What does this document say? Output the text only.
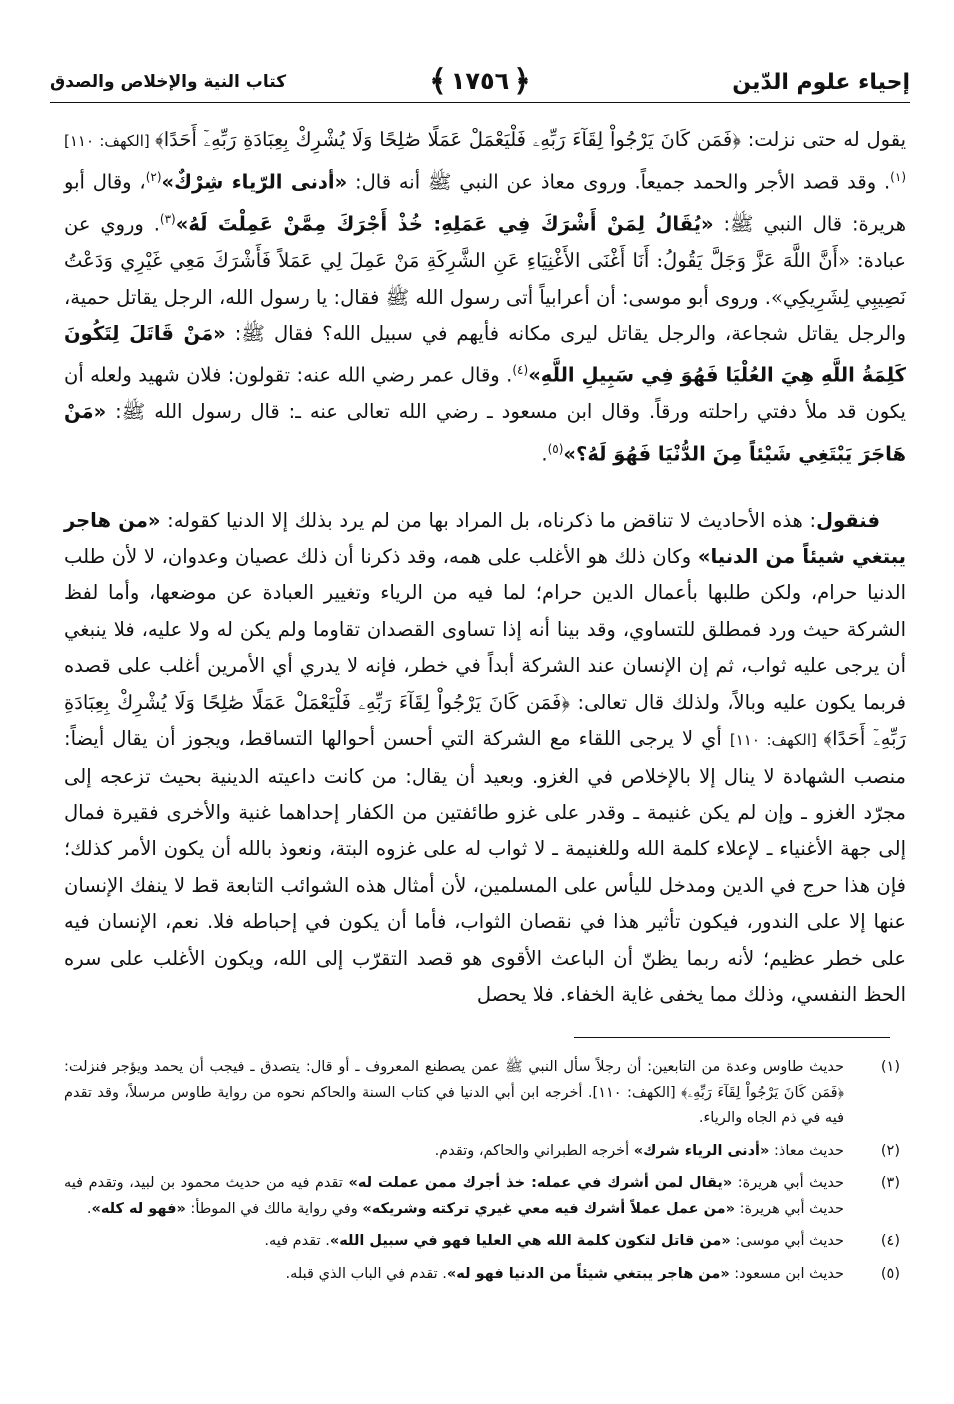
إحياء علوم الدّين
﴿١٧٥٦﴾
كتاب النية والإخلاص والصدق

يقول له حتى نزلت: ﴿فَمَن كَانَ يَرْجُواْ لِقَآءَ رَبِّهِۦ فَلْيَعْمَلْ عَمَلًا صَٰلِحًا وَلَا يُشْرِكْ بِعِبَادَةِ رَبِّهِۦٓ أَحَدًا﴾ [الكهف: ١١٠]$^{(١)}$. وقد قصد الأجر والحمد جميعاً. وروى معاذ عن النبي ﷺ أنه قال: «أدنى الرّياء شِرْكٌ»$^{(٢)}$، وقال أبو هريرة: قال النبي ﷺ: «يُقَالُ لِمَنْ أَشْرَكَ فِي عَمَلِهِ: خُذْ أَجْرَكَ مِمَّنْ عَمِلْتَ لَهُ»$^{(٣)}$. وروي عن عبادة: «أَنَّ اللَّهَ عَزَّ وَجَلَّ يَقُولُ: أَنَا أَغْنَى الأَغْنِيَاءِ عَنِ الشَّرِكَةِ مَنْ عَمِلَ لِي عَمَلاً فَأَشْرَكَ مَعِي غَيْرِي وَدَعْتُ نَصِيبِي لِشَرِيكِي». وروى أبو موسى: أن أعرابياً أتى رسول الله ﷺ فقال: يا رسول الله، الرجل يقاتل حمية، والرجل يقاتل شجاعة، والرجل يقاتل ليرى مكانه فأيهم في سبيل الله؟ فقال ﷺ: «مَنْ قَاتَلَ لِتَكُونَ كَلِمَةُ اللَّهِ هِيَ العُلْيَا فَهُوَ فِي سَبِيلِ اللَّهِ»$^{(٤)}$. وقال عمر رضي الله عنه: تقولون: فلان شهيد ولعله أن يكون قد ملأ دفتي راحلته ورقاً. وقال ابن مسعود ـ رضي الله تعالى عنه ـ: قال رسول الله ﷺ: «مَنْ هَاجَرَ يَبْتَغِي شَيْئاً مِنَ الدُّنْيَا فَهُوَ لَهُ؟»$^{(٥)}$.

فنقول: هذه الأحاديث لا تناقض ما ذكرناه، بل المراد بها من لم يرد بذلك إلا الدنيا كقوله: «من هاجر يبتغي شيئاً من الدنيا» وكان ذلك هو الأغلب على همه، وقد ذكرنا أن ذلك عصيان وعدوان، لا لأن طلب الدنيا حرام، ولكن طلبها بأعمال الدين حرام؛ لما فيه من الرياء وتغيير العبادة عن موضعها، وأما لفظ الشركة حيث ورد فمطلق للتساوي، وقد بينا أنه إذا تساوى القصدان تقاوما ولم يكن له ولا عليه، فلا ينبغي أن يرجى عليه ثواب، ثم إن الإنسان عند الشركة أبداً في خطر، فإنه لا يدري أي الأمرين أغلب على قصده فربما يكون عليه وبالاً، ولذلك قال تعالى: ﴿فَمَن كَانَ يَرْجُواْ لِقَآءَ رَبِّهِۦ فَلْيَعْمَلْ عَمَلًا صَٰلِحًا وَلَا يُشْرِكْ بِعِبَادَةِ رَبِّهِۦٓ أَحَدًا﴾ [الكهف: ١١٠] أي لا يرجى اللقاء مع الشركة التي أحسن أحوالها التساقط، ويجوز أن يقال أيضاً: منصب الشهادة لا ينال إلا بالإخلاص في الغزو. وبعيد أن يقال: من كانت داعيته الدينية بحيث تزعجه إلى مجرّد الغزو ـ وإن لم يكن غنيمة ـ وقدر على غزو طائفتين من الكفار إحداهما غنية والأخرى فقيرة فمال إلى جهة الأغنياء ـ لإعلاء كلمة الله وللغنيمة ـ لا ثواب له على غزوه البتة، ونعوذ بالله أن يكون الأمر كذلك؛ فإن هذا حرج في الدين ومدخل لليأس على المسلمين، لأن أمثال هذه الشوائب التابعة قط لا ينفك الإنسان عنها إلا على الندور، فيكون تأثير هذا في نقصان الثواب، فأما أن يكون في إحباطه فلا. نعم، الإنسان فيه على خطر عظيم؛ لأنه ربما يظنّ أن الباعث الأقوى هو قصد التقرّب إلى الله، ويكون الأغلب على سره الحظ النفسي، وذلك مما يخفى غاية الخفاء. فلا يحصل

(١)
حديث طاوس وعدة من التابعين: أن رجلاً سأل النبي ﷺ عمن يصطنع المعروف ـ أو قال: يتصدق ـ فيجب أن يحمد ويؤجر فنزلت: ﴿فَمَن كَانَ يَرْجُواْ لِقَآءَ رَبِّهِۦ﴾ [الكهف: ١١٠]. أخرجه ابن أبي الدنيا في كتاب السنة والحاكم نحوه من رواية طاوس مرسلاً، وقد تقدم فيه في ذم الجاه والرياء.
(٢)
حديث معاذ: «أدنى الرياء شرك» أخرجه الطبراني والحاكم، وتقدم.
(٣)
حديث أبي هريرة: «يقال لمن أشرك في عمله: خذ أجرك ممن عملت له» تقدم فيه من حديث محمود بن لبيد، وتقدم فيه حديث أبي هريرة: «من عمل عملاً أشرك فيه معي غيري تركته وشريكه» وفي رواية مالك في الموطأ: «فهو له كله».
(٤)
حديث أبي موسى: «من قاتل لتكون كلمة الله هي العليا فهو في سبيل الله». تقدم فيه.
(٥)
حديث ابن مسعود: «من هاجر يبتغي شيئاً من الدنيا فهو له». تقدم في الباب الذي قبله.
